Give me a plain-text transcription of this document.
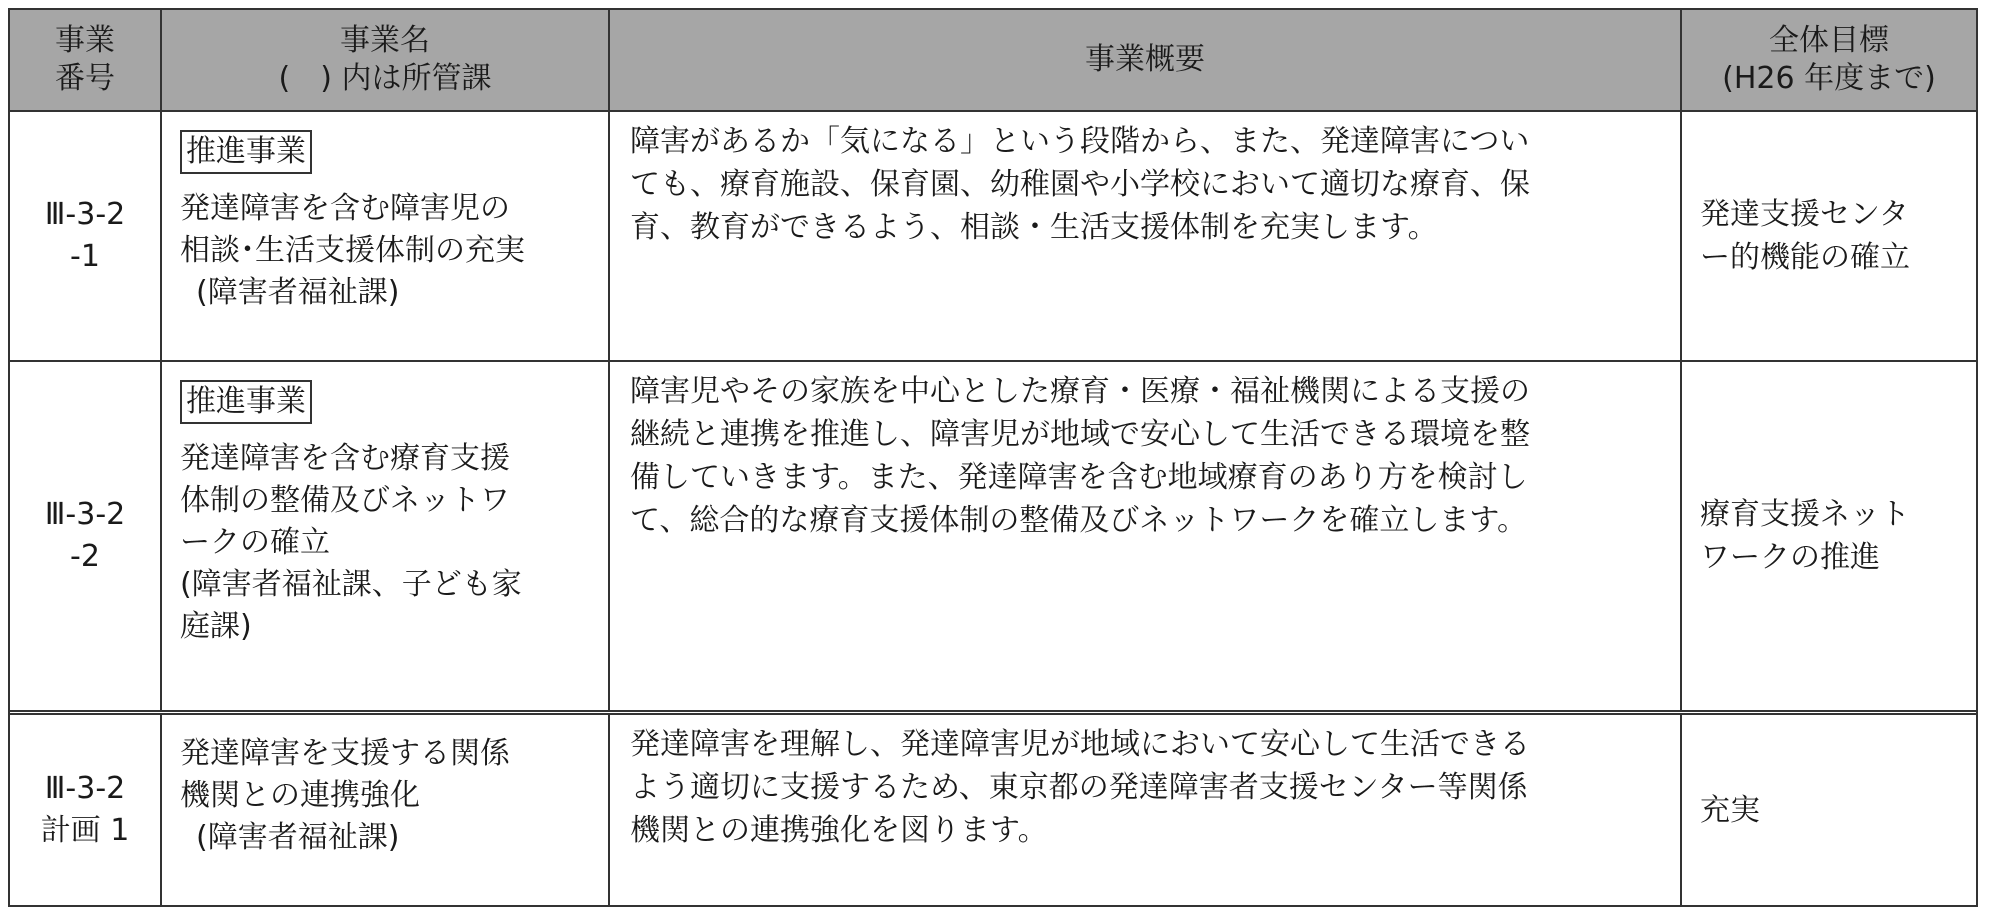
事業
番号
事業名
(　) 内は所管課
事業概要
全体目標
(H26 年度まで)
Ⅲ-3-2
-1
推進事業
発達障害を含む障害児の
相談･生活支援体制の充実
(障害者福祉課)
障害があるか「気になる」という段階から、また、発達障害につい
ても、療育施設、保育園、幼稚園や小学校において適切な療育、保
育、教育ができるよう、相談・生活支援体制を充実します。	発達支援センタ
ー的機能の確立
Ⅲ-3-2
-2
推進事業
発達障害を含む療育支援
体制の整備及びネットワ
ークの確立
(障害者福祉課、子ども家
庭課)
障害児やその家族を中心とした療育・医療・福祉機関による支援の
継続と連携を推進し、障害児が地域で安心して生活できる環境を整
備していきます。また、発達障害を含む地域療育のあり方を検討し
て、総合的な療育支援体制の整備及びネットワークを確立します。	療育支援ネット
ワークの推進
Ⅲ-3-2
計画 1
発達障害を支援する関係
機関との連携強化
(障害者福祉課)
発達障害を理解し、発達障害児が地域において安心して生活できる
よう適切に支援するため、東京都の発達障害者支援センター等関係
機関との連携強化を図ります。
充実
